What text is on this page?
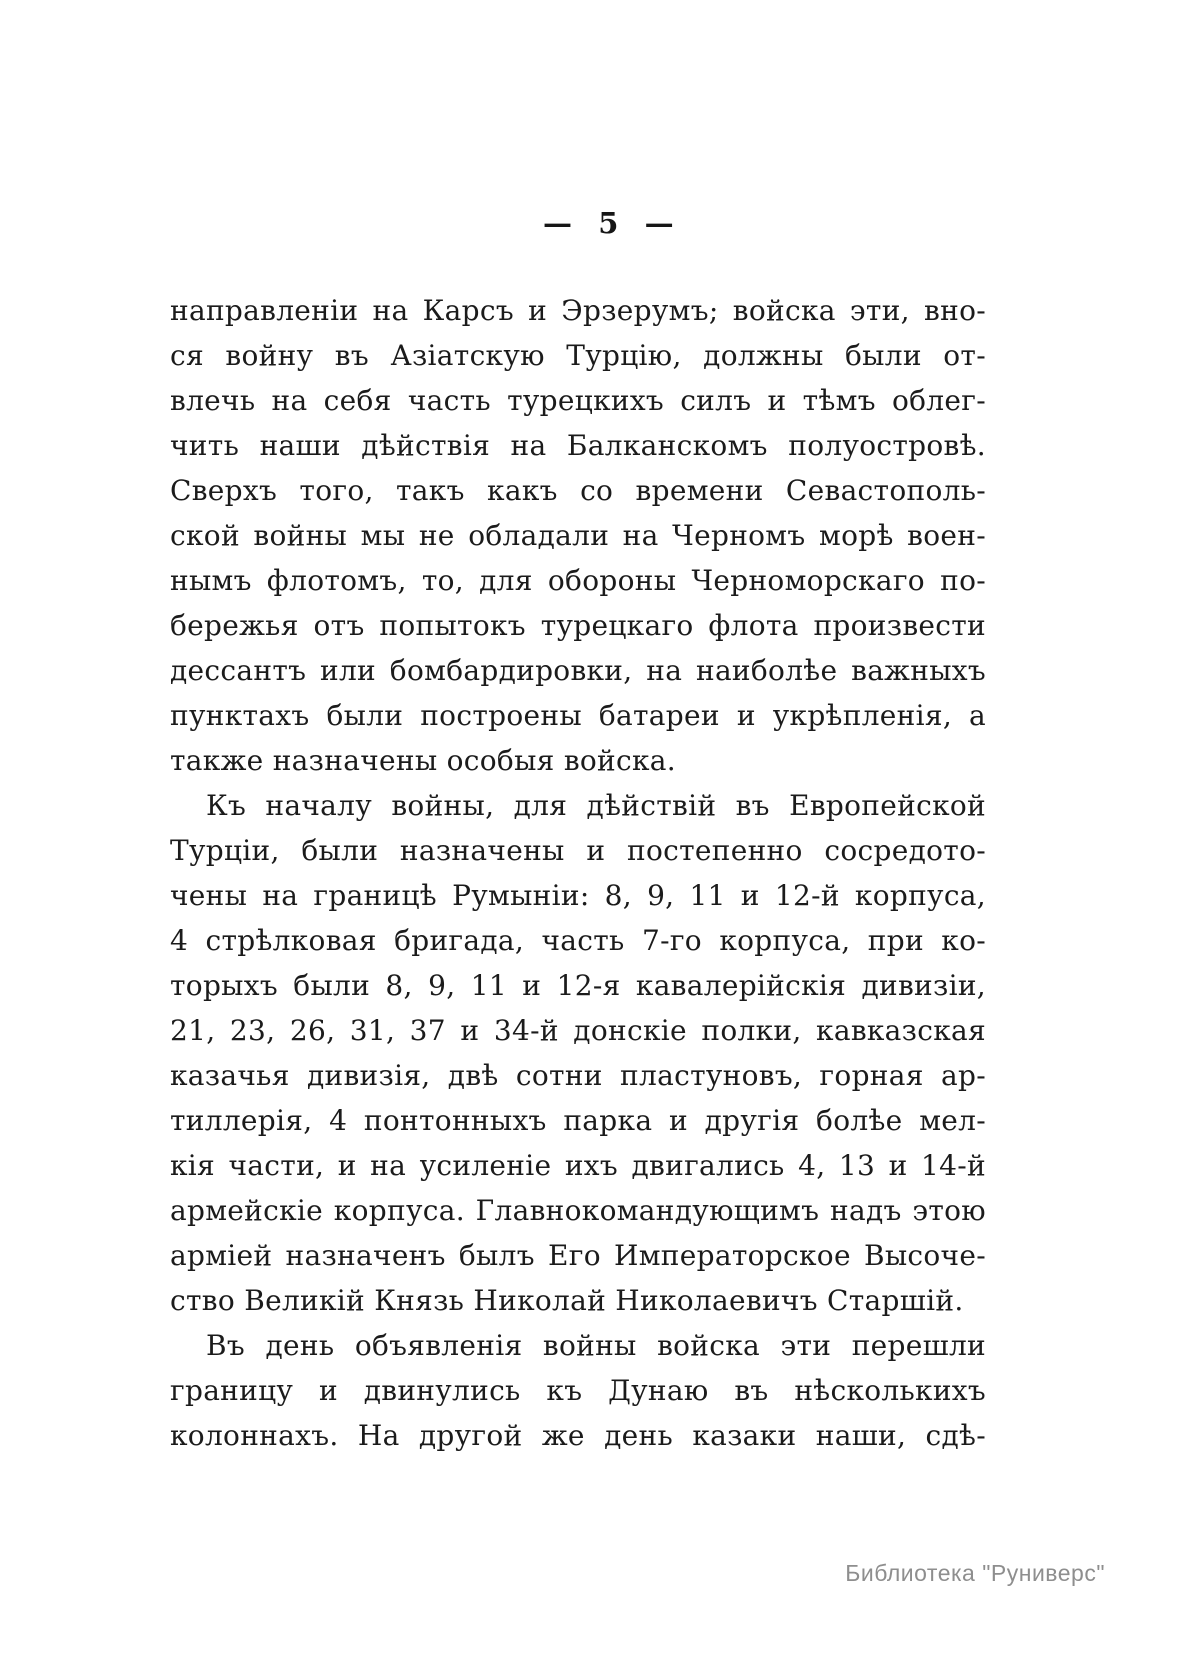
—  5  —
направленіи на Карсъ и Эрзерумъ; войска эти, вно-
ся войну въ Азіатскую Турцію, должны были от-
влечь на себя часть турецкихъ силъ и тѣмъ облег-
чить наши дѣйствія на Балканскомъ полуостровѣ.
Сверхъ того, такъ какъ со времени Севастополь-
ской войны мы не обладали на Черномъ морѣ воен-
нымъ флотомъ, то, для обороны Черноморскаго по-
бережья отъ попытокъ турецкаго флота произвести
дессантъ или бомбардировки, на наиболѣе важныхъ
пунктахъ были построены батареи и укрѣпленія, а
также назначены особыя войска.
Къ началу войны, для дѣйствій въ Европейской
Турціи, были назначены и постепенно сосредото-
чены на границѣ Румыніи: 8, 9, 11 и 12-й корпуса,
4 стрѣлковая бригада, часть 7-го корпуса, при ко-
торыхъ были 8, 9, 11 и 12-я кавалерійскія дивизіи,
21, 23, 26, 31, 37 и 34-й донскіе полки, кавказская
казачья дивизія, двѣ сотни пластуновъ, горная ар-
тиллерія, 4 понтонныхъ парка и другія болѣе мел-
кія части, и на усиленіе ихъ двигались 4, 13 и 14-й
армейскіе корпуса. Главнокомандующимъ надъ этою
арміей назначенъ былъ Его Императорское Высоче-
ство Великій Князь Николай Николаевичъ Старшій.
Въ день объявленія войны войска эти перешли
границу и двинулись къ Дунаю въ нѣсколькихъ
колоннахъ. На другой же день казаки наши, сдѣ-
Библиотека "Руниверс"
